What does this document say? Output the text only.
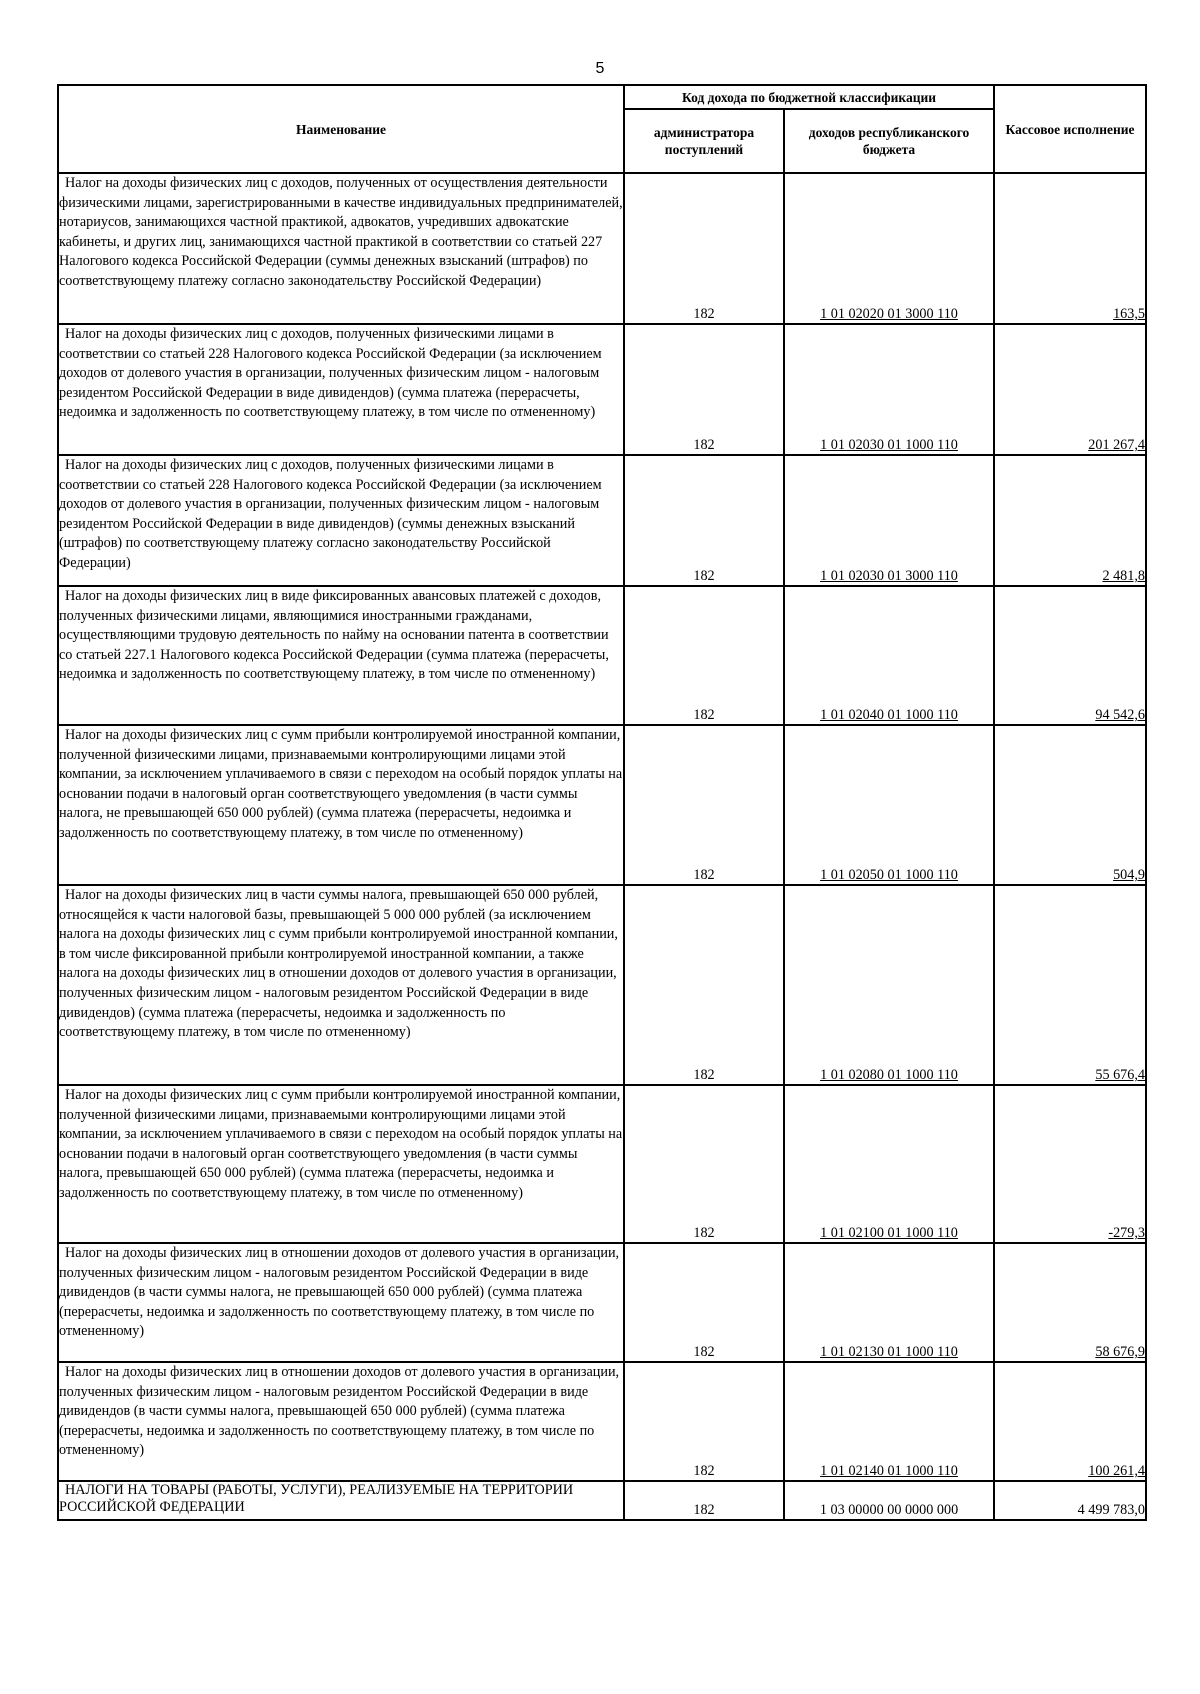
5
Наименование	Код дохода по бюджетной классификации		Кассовое исполнение
	администратора поступлений	доходов республиканского бюджета	
Налог на доходы физических лиц с доходов, полученных от осуществления деятельности физическими лицами, зарегистрированными в качестве индивидуальных предпринимателей, нотариусов, занимающихся частной практикой, адвокатов, учредивших адвокатские кабинеты, и других лиц, занимающихся частной практикой в соответствии со статьей 227 Налогового кодекса Российской Федерации (суммы денежных взысканий (штрафов) по соответствующему платежу согласно законодательству Российской Федерации)	182	1 01 02020 01 3000 110	163,5
Налог на доходы физических лиц с доходов, полученных физическими лицами в соответствии со статьей 228 Налогового кодекса Российской Федерации (за исключением доходов от долевого участия в организации, полученных физическим лицом - налоговым резидентом Российской Федерации в виде дивидендов) (сумма платежа (перерасчеты, недоимка и задолженность по соответствующему платежу, в том числе по отмененному)	182	1 01 02030 01 1000 110	201 267,4
Налог на доходы физических лиц с доходов, полученных физическими лицами в соответствии со статьей 228 Налогового кодекса Российской Федерации (за исключением доходов от долевого участия в организации, полученных физическим лицом - налоговым резидентом Российской Федерации в виде дивидендов) (суммы денежных взысканий (штрафов) по соответствующему платежу согласно законодательству Российской Федерации)	182	1 01 02030 01 3000 110	2 481,8
Налог на доходы физических лиц в виде фиксированных авансовых платежей с доходов, полученных физическими лицами, являющимися иностранными гражданами, осуществляющими трудовую деятельность по найму на основании патента в соответствии со статьей 227.1 Налогового кодекса Российской Федерации (сумма платежа (перерасчеты, недоимка и задолженность по соответствующему платежу, в том числе по отмененному)	182	1 01 02040 01 1000 110	94 542,6
Налог на доходы физических лиц с сумм прибыли контролируемой иностранной компании, полученной физическими лицами, признаваемыми контролирующими лицами этой компании, за исключением уплачиваемого в связи с переходом на особый порядок уплаты на основании подачи в налоговый орган соответствующего уведомления (в части суммы налога, не превышающей 650 000 рублей) (сумма платежа (перерасчеты, недоимка и задолженность по соответствующему платежу, в том числе по отмененному)	182	1 01 02050 01 1000 110	504,9
Налог на доходы физических лиц в части суммы налога, превышающей 650 000 рублей, относящейся к части налоговой базы, превышающей 5 000 000 рублей (за исключением налога на доходы физических лиц с сумм прибыли контролируемой иностранной компании, в том числе фиксированной прибыли контролируемой иностранной компании, а также налога на доходы физических лиц в отношении доходов от долевого участия в организации, полученных физическим лицом - налоговым резидентом Российской Федерации в виде дивидендов) (сумма платежа (перерасчеты, недоимка и задолженность по соответствующему платежу, в том числе по отмененному)	182	1 01 02080 01 1000 110	55 676,4
Налог на доходы физических лиц с сумм прибыли контролируемой иностранной компании, полученной физическими лицами, признаваемыми контролирующими лицами этой компании, за исключением уплачиваемого в связи с переходом на особый порядок уплаты на основании подачи в налоговый орган соответствующего уведомления (в части суммы налога, превышающей 650 000 рублей) (сумма платежа (перерасчеты, недоимка и задолженность по соответствующему платежу, в том числе по отмененному)	182	1 01 02100 01 1000 110	-279,3
Налог на доходы физических лиц в отношении доходов от долевого участия в организации, полученных физическим лицом - налоговым резидентом Российской Федерации в виде дивидендов (в части суммы налога, не превышающей 650 000 рублей) (сумма платежа (перерасчеты, недоимка и задолженность по соответствующему платежу, в том числе по отмененному)	182	1 01 02130 01 1000 110	58 676,9
Налог на доходы физических лиц в отношении доходов от долевого участия в организации, полученных физическим лицом - налоговым резидентом Российской Федерации в виде дивидендов (в части суммы налога, превышающей 650 000 рублей) (сумма платежа (перерасчеты, недоимка и задолженность по соответствующему платежу, в том числе по отмененному)	182	1 01 02140 01 1000 110	100 261,4
НАЛОГИ НА ТОВАРЫ (РАБОТЫ, УСЛУГИ), РЕАЛИЗУЕМЫЕ НА ТЕРРИТОРИИ РОССИЙСКОЙ ФЕДЕРАЦИИ	182	1 03 00000 00 0000 000	4 499 783,0
